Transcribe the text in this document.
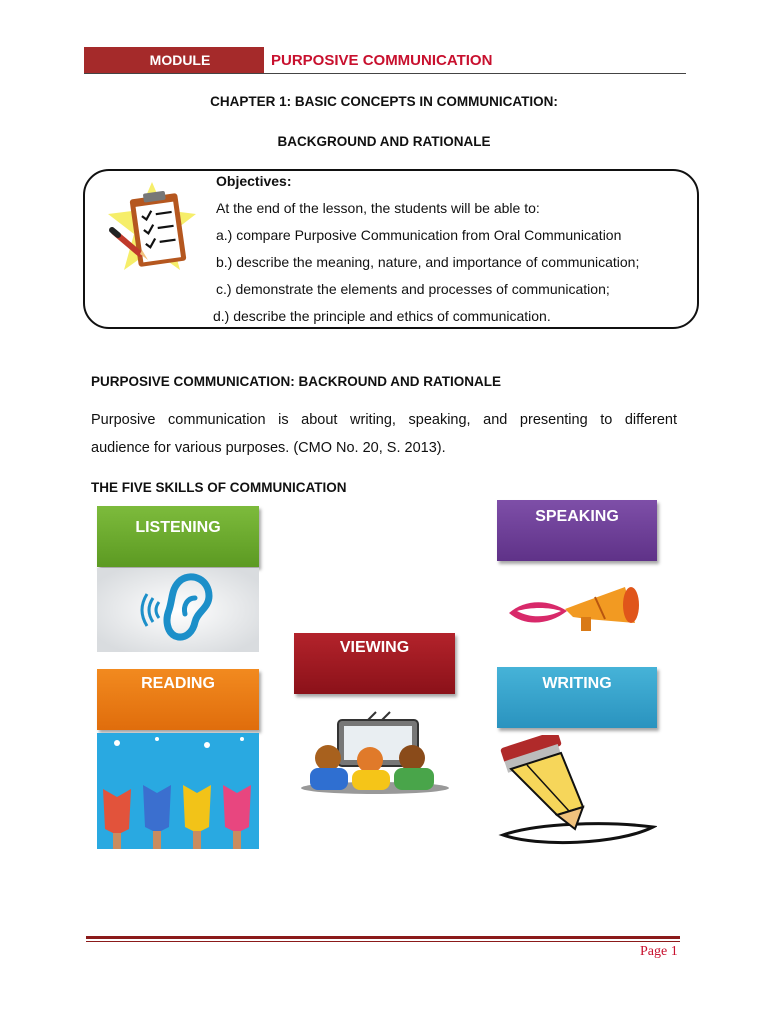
MODULE	PURPOSIVE COMMUNICATION
CHAPTER 1: BASIC CONCEPTS IN COMMUNICATION:
BACKGROUND AND RATIONALE
Objectives:
At the end of the lesson, the students will be able to:
a.) compare Purposive Communication from Oral Communication
b.) describe the meaning, nature, and importance of communication;
c.) demonstrate the elements and processes of communication;
d.) describe the principle and ethics of communication.
PURPOSIVE COMMUNICATION: BACKROUND AND RATIONALE
Purposive communication is about writing, speaking, and presenting to different
audience for various purposes. (CMO No. 20, S. 2013).
THE FIVE SKILLS OF COMMUNICATION
LISTENING
SPEAKING
VIEWING
READING	WRITING
Page 1
